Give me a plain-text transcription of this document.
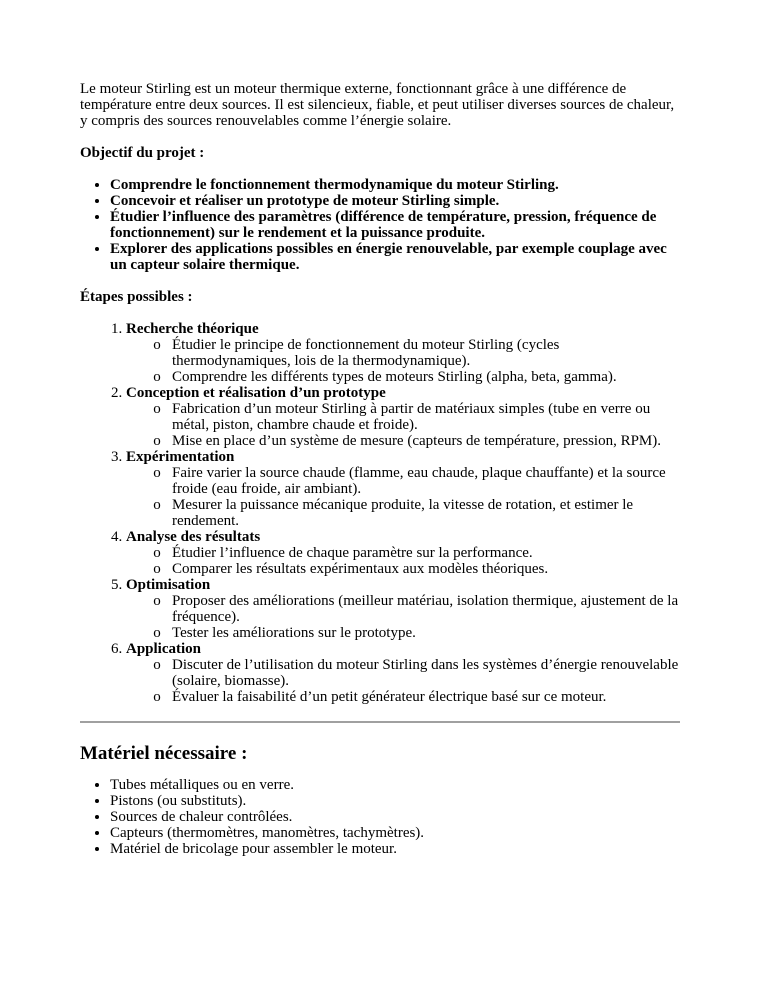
Le moteur Stirling est un moteur thermique externe, fonctionnant grâce à une différence de température entre deux sources. Il est silencieux, fiable, et peut utiliser diverses sources de chaleur, y compris des sources renouvelables comme l’énergie solaire.

Objectif du projet :

• Comprendre le fonctionnement thermodynamique du moteur Stirling.
• Concevoir et réaliser un prototype de moteur Stirling simple.
• Étudier l’influence des paramètres (différence de température, pression, fréquence de fonctionnement) sur le rendement et la puissance produite.
• Explorer des applications possibles en énergie renouvelable, par exemple couplage avec un capteur solaire thermique.

Étapes possibles :

1. Recherche théorique
o Étudier le principe de fonctionnement du moteur Stirling (cycles thermodynamiques, lois de la thermodynamique).
o Comprendre les différents types de moteurs Stirling (alpha, beta, gamma).
2. Conception et réalisation d’un prototype
o Fabrication d’un moteur Stirling à partir de matériaux simples (tube en verre ou métal, piston, chambre chaude et froide).
o Mise en place d’un système de mesure (capteurs de température, pression, RPM).
3. Expérimentation
o Faire varier la source chaude (flamme, eau chaude, plaque chauffante) et la source froide (eau froide, air ambiant).
o Mesurer la puissance mécanique produite, la vitesse de rotation, et estimer le rendement.
4. Analyse des résultats
o Étudier l’influence de chaque paramètre sur la performance.
o Comparer les résultats expérimentaux aux modèles théoriques.
5. Optimisation
o Proposer des améliorations (meilleur matériau, isolation thermique, ajustement de la fréquence).
o Tester les améliorations sur le prototype.
6. Application
o Discuter de l’utilisation du moteur Stirling dans les systèmes d’énergie renouvelable (solaire, biomasse).
o Évaluer la faisabilité d’un petit générateur électrique basé sur ce moteur.
Matériel nécessaire :
• Tubes métalliques ou en verre.
• Pistons (ou substituts).
• Sources de chaleur contrôlées.
• Capteurs (thermomètres, manomètres, tachymètres).
• Matériel de bricolage pour assembler le moteur.
